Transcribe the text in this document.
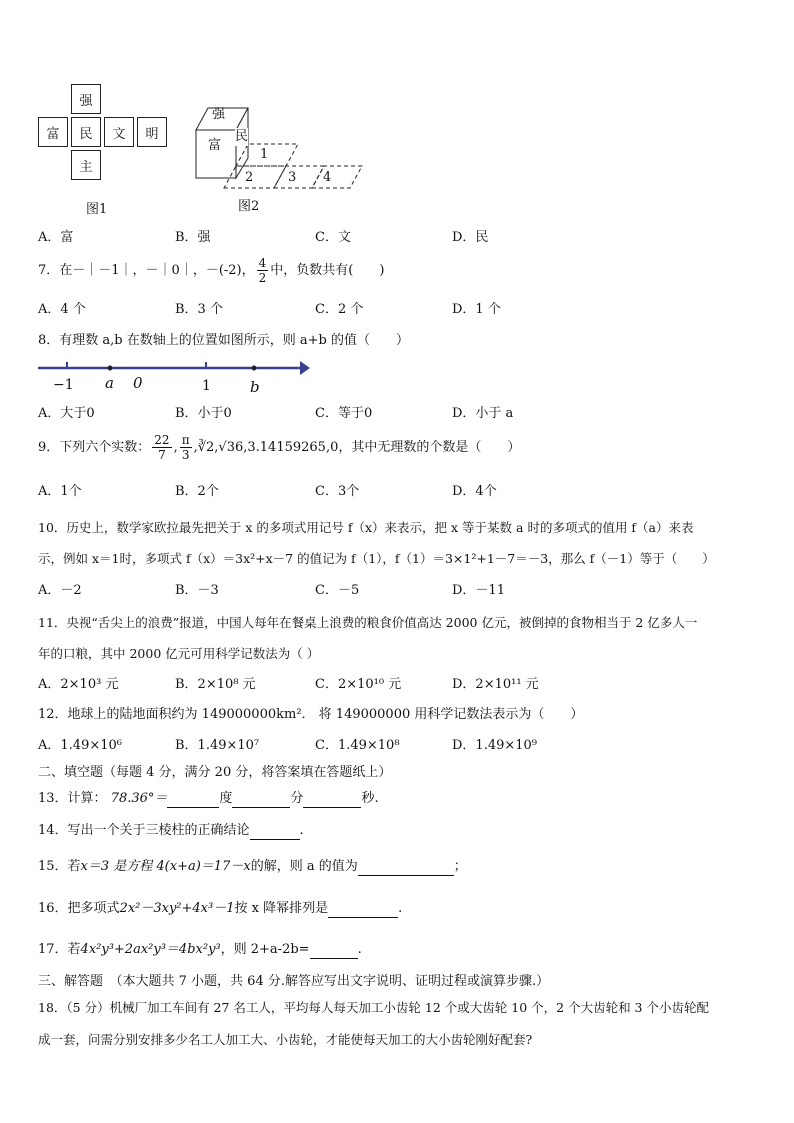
强
富	民	文	明
主
图1
强
富
民
1
2	3 4
图2
A．富	B．强	C．文	D．民
7．在－｜－1｜，－｜0｜，－(-2)， $\frac{4}{2}$ 中，负数共有(　　)
A．4 个	B．3 个	C．2 个	D．1 个
8．有理数 a,b 在数轴上的位置如图所示，则 a+b 的值（　　）
−1 a 0	1	b
A．大于0	B．小于0	C．等于0	D．小于 a
9．下列六个实数： $\frac{22}{7}$ , $\frac{\pi}{3}$ ,∛2,√36,3.14159265,0，其中无理数的个数是（　　）
A．1个	B．2个	C．3个	D．4个
10．历史上，数学家欧拉最先把关于 x 的多项式用记号 f（x）来表示，把 x 等于某数 a 时的多项式的值用 f（a）来表
示，例如 x＝1时，多项式 f（x）＝3x²+x－7 的值记为 f（1），f（1）＝3×1²+1－7＝－3，那么 f（－1）等于（　　）
A．－2	B．－3	C．－5	D．－11
11．央视“舌尖上的浪费”报道，中国人每年在餐桌上浪费的粮食价值高达 2000 亿元，被倒掉的食物相当于 2 亿多人一
年的口粮，其中 2000 亿元可用科学记数法为（ ）
A．2×10³ 元	B．2×10⁸ 元	C．2×10¹⁰ 元	D．2×10¹¹ 元
12．地球上的陆地面积约为 149000000km²． 将 149000000 用科学记数法表示为（　　）
A．1.49×10⁶	B．1.49×10⁷	C．1.49×10⁸	D．1.49×10⁹
二、填空题（每题 4 分，满分 20 分，将答案填在答题纸上）
13．计算： 78.36°＝	度	分	秒.
14．写出一个关于三棱柱的正确结论	.
15．若x＝3 是方程 4(x+a)＝17－x的解，则 a 的值为	；
16．把多项式2x²－3xy²+4x³－1按 x 降幂排列是	.
17．若4x²y³+2ax²y³＝4bx²y³，则 2+a-2b=	.
三、解答题　（本大题共 7 小题，共 64 分.解答应写出文字说明、证明过程或演算步骤.）
18．（5 分）机械厂加工车间有 27 名工人，平均每人每天加工小齿轮 12 个或大齿轮 10 个，2 个大齿轮和 3 个小齿轮配
成一套，问需分别安排多少名工人加工大、小齿轮，才能使每天加工的大小齿轮刚好配套?
